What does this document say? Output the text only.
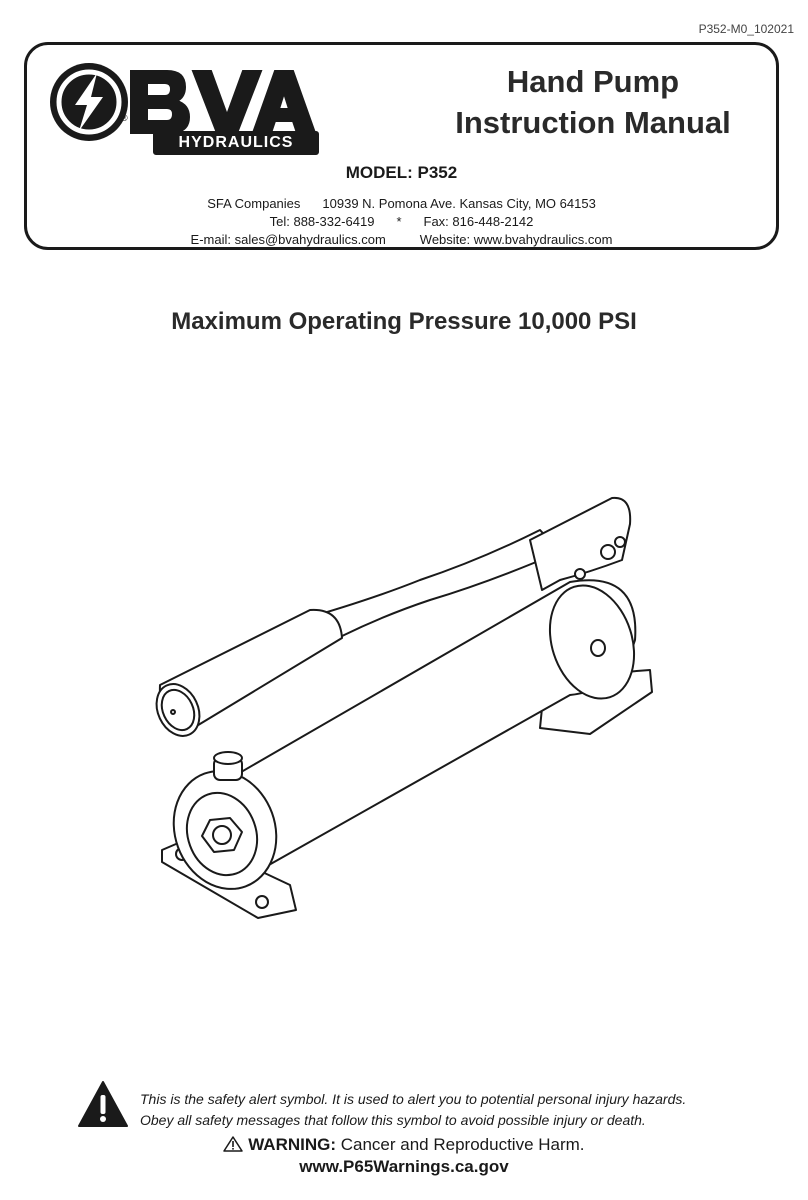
P352-M0_102021
®
HYDRAULICS
Hand Pump
Instruction Manual
MODEL: P352
SFA Companies 10939 N. Pomona Ave. Kansas City, MO 64153
Tel: 888-332-6419 * Fax: 816-448-2142
E-mail: sales@bvahydraulics.com	Website: www.bvahydraulics.com
Maximum Operating Pressure 10,000 PSI
This is the safety alert symbol. It is used to alert you to potential personal injury hazards.
Obey all safety messages that follow this symbol to avoid possible injury or death.
WARNING: Cancer and Reproductive Harm.
www.P65Warnings.ca.gov
